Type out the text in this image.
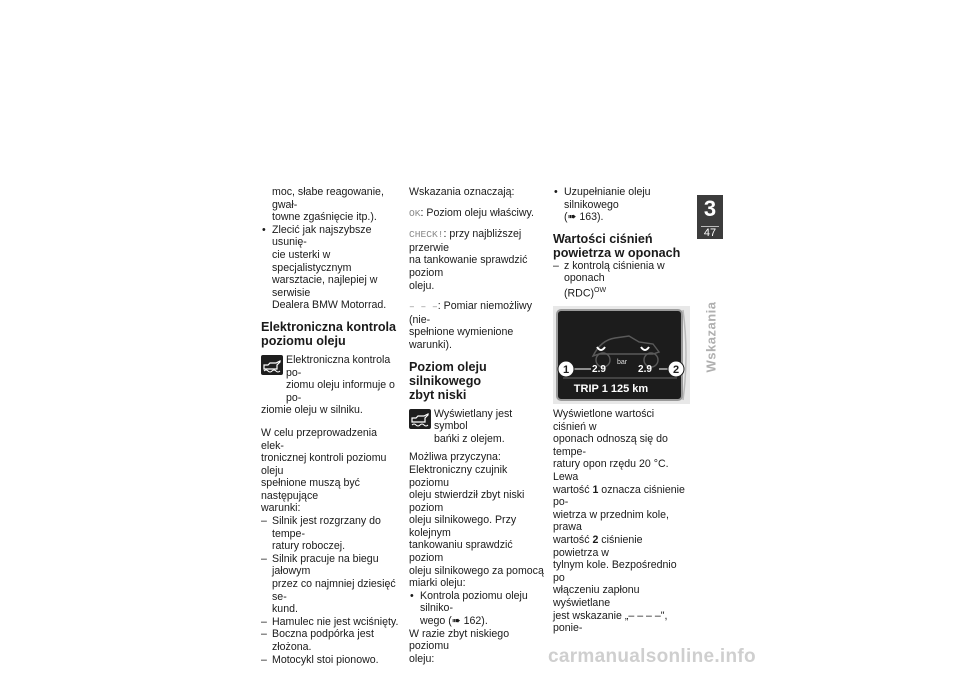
moc, słabe reagowanie, gwał-
towne zgaśnięcie itp.).

• Zlecić jak najszybsze usunię-
cie usterki w specjalistycznym
warsztacie, najlepiej w serwisie
Dealera BMW Motorrad.

Elektroniczna kontrola
poziomu oleju

Elektroniczna kontrola po-
ziomu oleju informuje o po-

ziomie oleju w silniku.

W celu przeprowadzenia elek-
tronicznej kontroli poziomu oleju
spełnione muszą być następujące
warunki:

– Silnik jest rozgrzany do tempe-
ratury roboczej.

– Silnik pracuje na biegu jałowym
przez co najmniej dziesięć se-
kund.

– Hamulec nie jest wciśnięty.

– Boczna podpórka jest złożona.

– Motocykl stoi pionowo.

Wskazania oznaczają:

OK: Poziom oleju właściwy.

CHECK!: przy najbliższej przerwie
na tankowanie sprawdzić poziom
oleju.

– – –: Pomiar niemożliwy (nie-
spełnione wymienione warunki).

Poziom oleju silnikowego
zbyt niski

Wyświetlany jest symbol
bańki z olejem.

Możliwa przyczyna:

Elektroniczny czujnik poziomu
oleju stwierdził zbyt niski poziom
oleju silnikowego. Przy kolejnym
tankowaniu sprawdzić poziom
oleju silnikowego za pomocą
miarki oleju:

• Kontrola poziomu oleju silniko-
wego (➠ 162).

W razie zbyt niskiego poziomu
oleju:

• Uzupełnianie oleju silnikowego
(➠ 163).

Wartości ciśnień
powietrza w oponach

– z kontrolą ciśnienia w oponach
(RDC)$^{OW}$

bar
2.9	2.9
TRIP 1 125 km
1	2

Wyświetlone wartości ciśnień w
oponach odnoszą się do tempe-
ratury opon rzędu 20 °C. Lewa
wartość 1 oznacza ciśnienie po-
wietrza w przednim kole, prawa
wartość 2 ciśnienie powietrza w
tylnym kole. Bezpośrednio po
włączeniu zapłonu wyświetlane
jest wskazanie „– – – –", ponie-

3
47
Wskazania
carmanualsonline.info
